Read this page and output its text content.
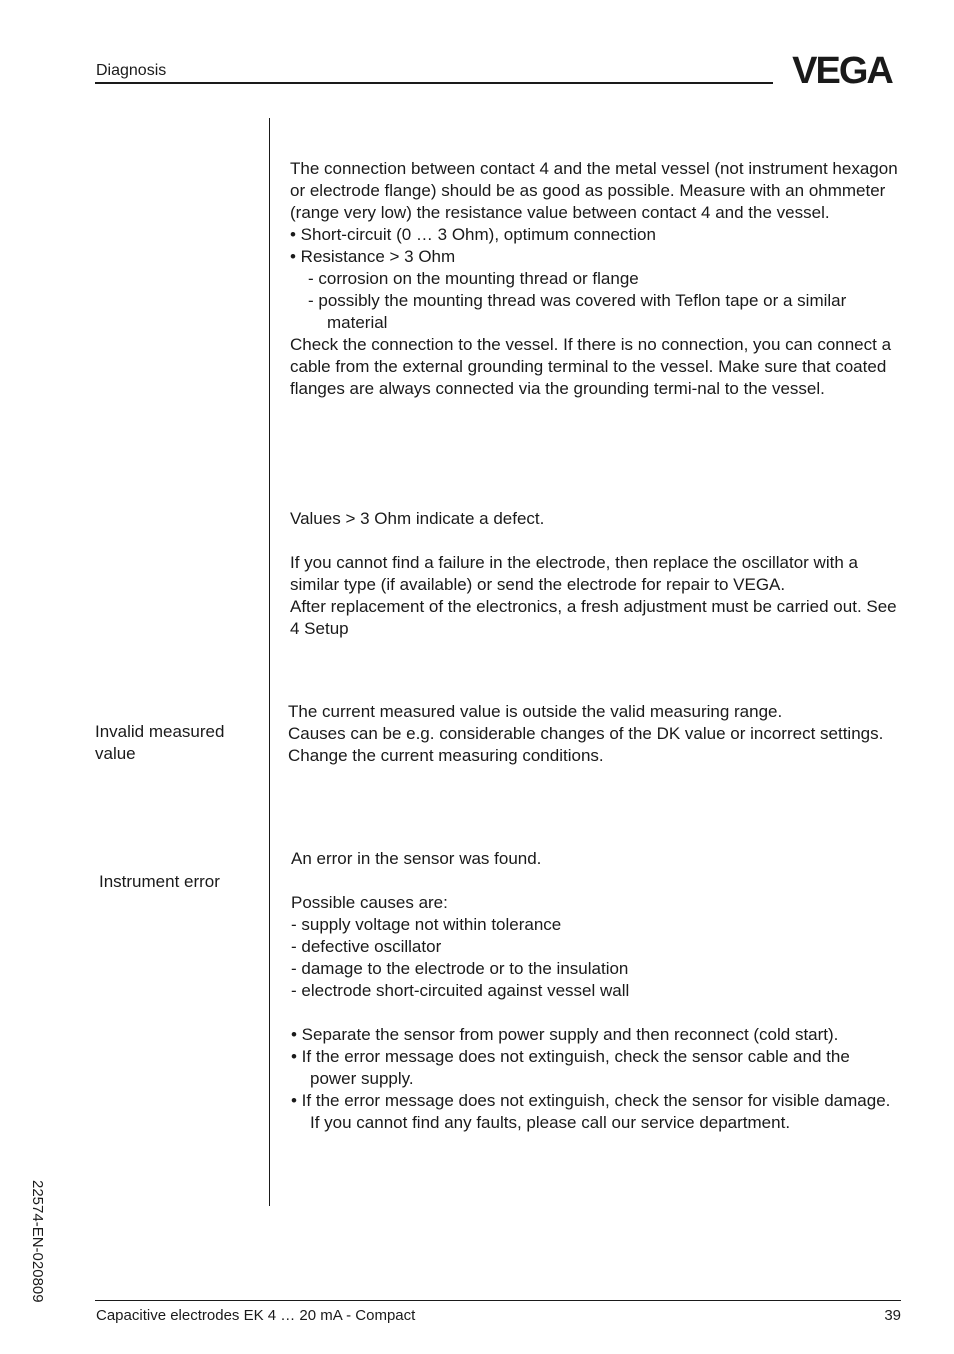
Diagnosis	VEGA

The connection between contact 4 and the metal vessel (not instrument hexagon or electrode flange) should be as good as possible. Measure with an ohmmeter (range very low) the resistance value between contact 4 and the vessel.

• Short-circuit (0 … 3 Ohm), optimum connection

• Resistance > 3 Ohm

- corrosion on the mounting thread or flange

- possibly the mounting thread was covered with Teflon tape or a similar material

Check the connection to the vessel. If there is no connection, you can connect a cable from the external grounding terminal to the vessel. Make sure that coated flanges are always connected via the grounding termi-nal to the vessel.

Values > 3 Ohm indicate a defect.

If you cannot find a failure in the electrode, then replace the oscillator with a similar type (if available) or send the electrode for repair to VEGA.

After replacement of the electronics, a fresh adjustment must be carried out. See 4 Setup

Invalid measured value

The current measured value is outside the valid measuring range.

Causes can be e.g. considerable changes of the DK value or incorrect settings.

Change the current measuring conditions.

Instrument error

An error in the sensor was found.

Possible causes are:

- supply voltage not within tolerance

- defective oscillator

- damage to the electrode or to the insulation

- electrode short-circuited against vessel wall

• Separate the sensor from power supply and then reconnect (cold start).

• If the error message does not extinguish, check the sensor cable and the power supply.

• If the error message does not extinguish, check the sensor for visible damage.

If you cannot find any faults, please call our service department.

22574-EN-020809
Capacitive electrodes EK 4 … 20 mA - Compact	39
